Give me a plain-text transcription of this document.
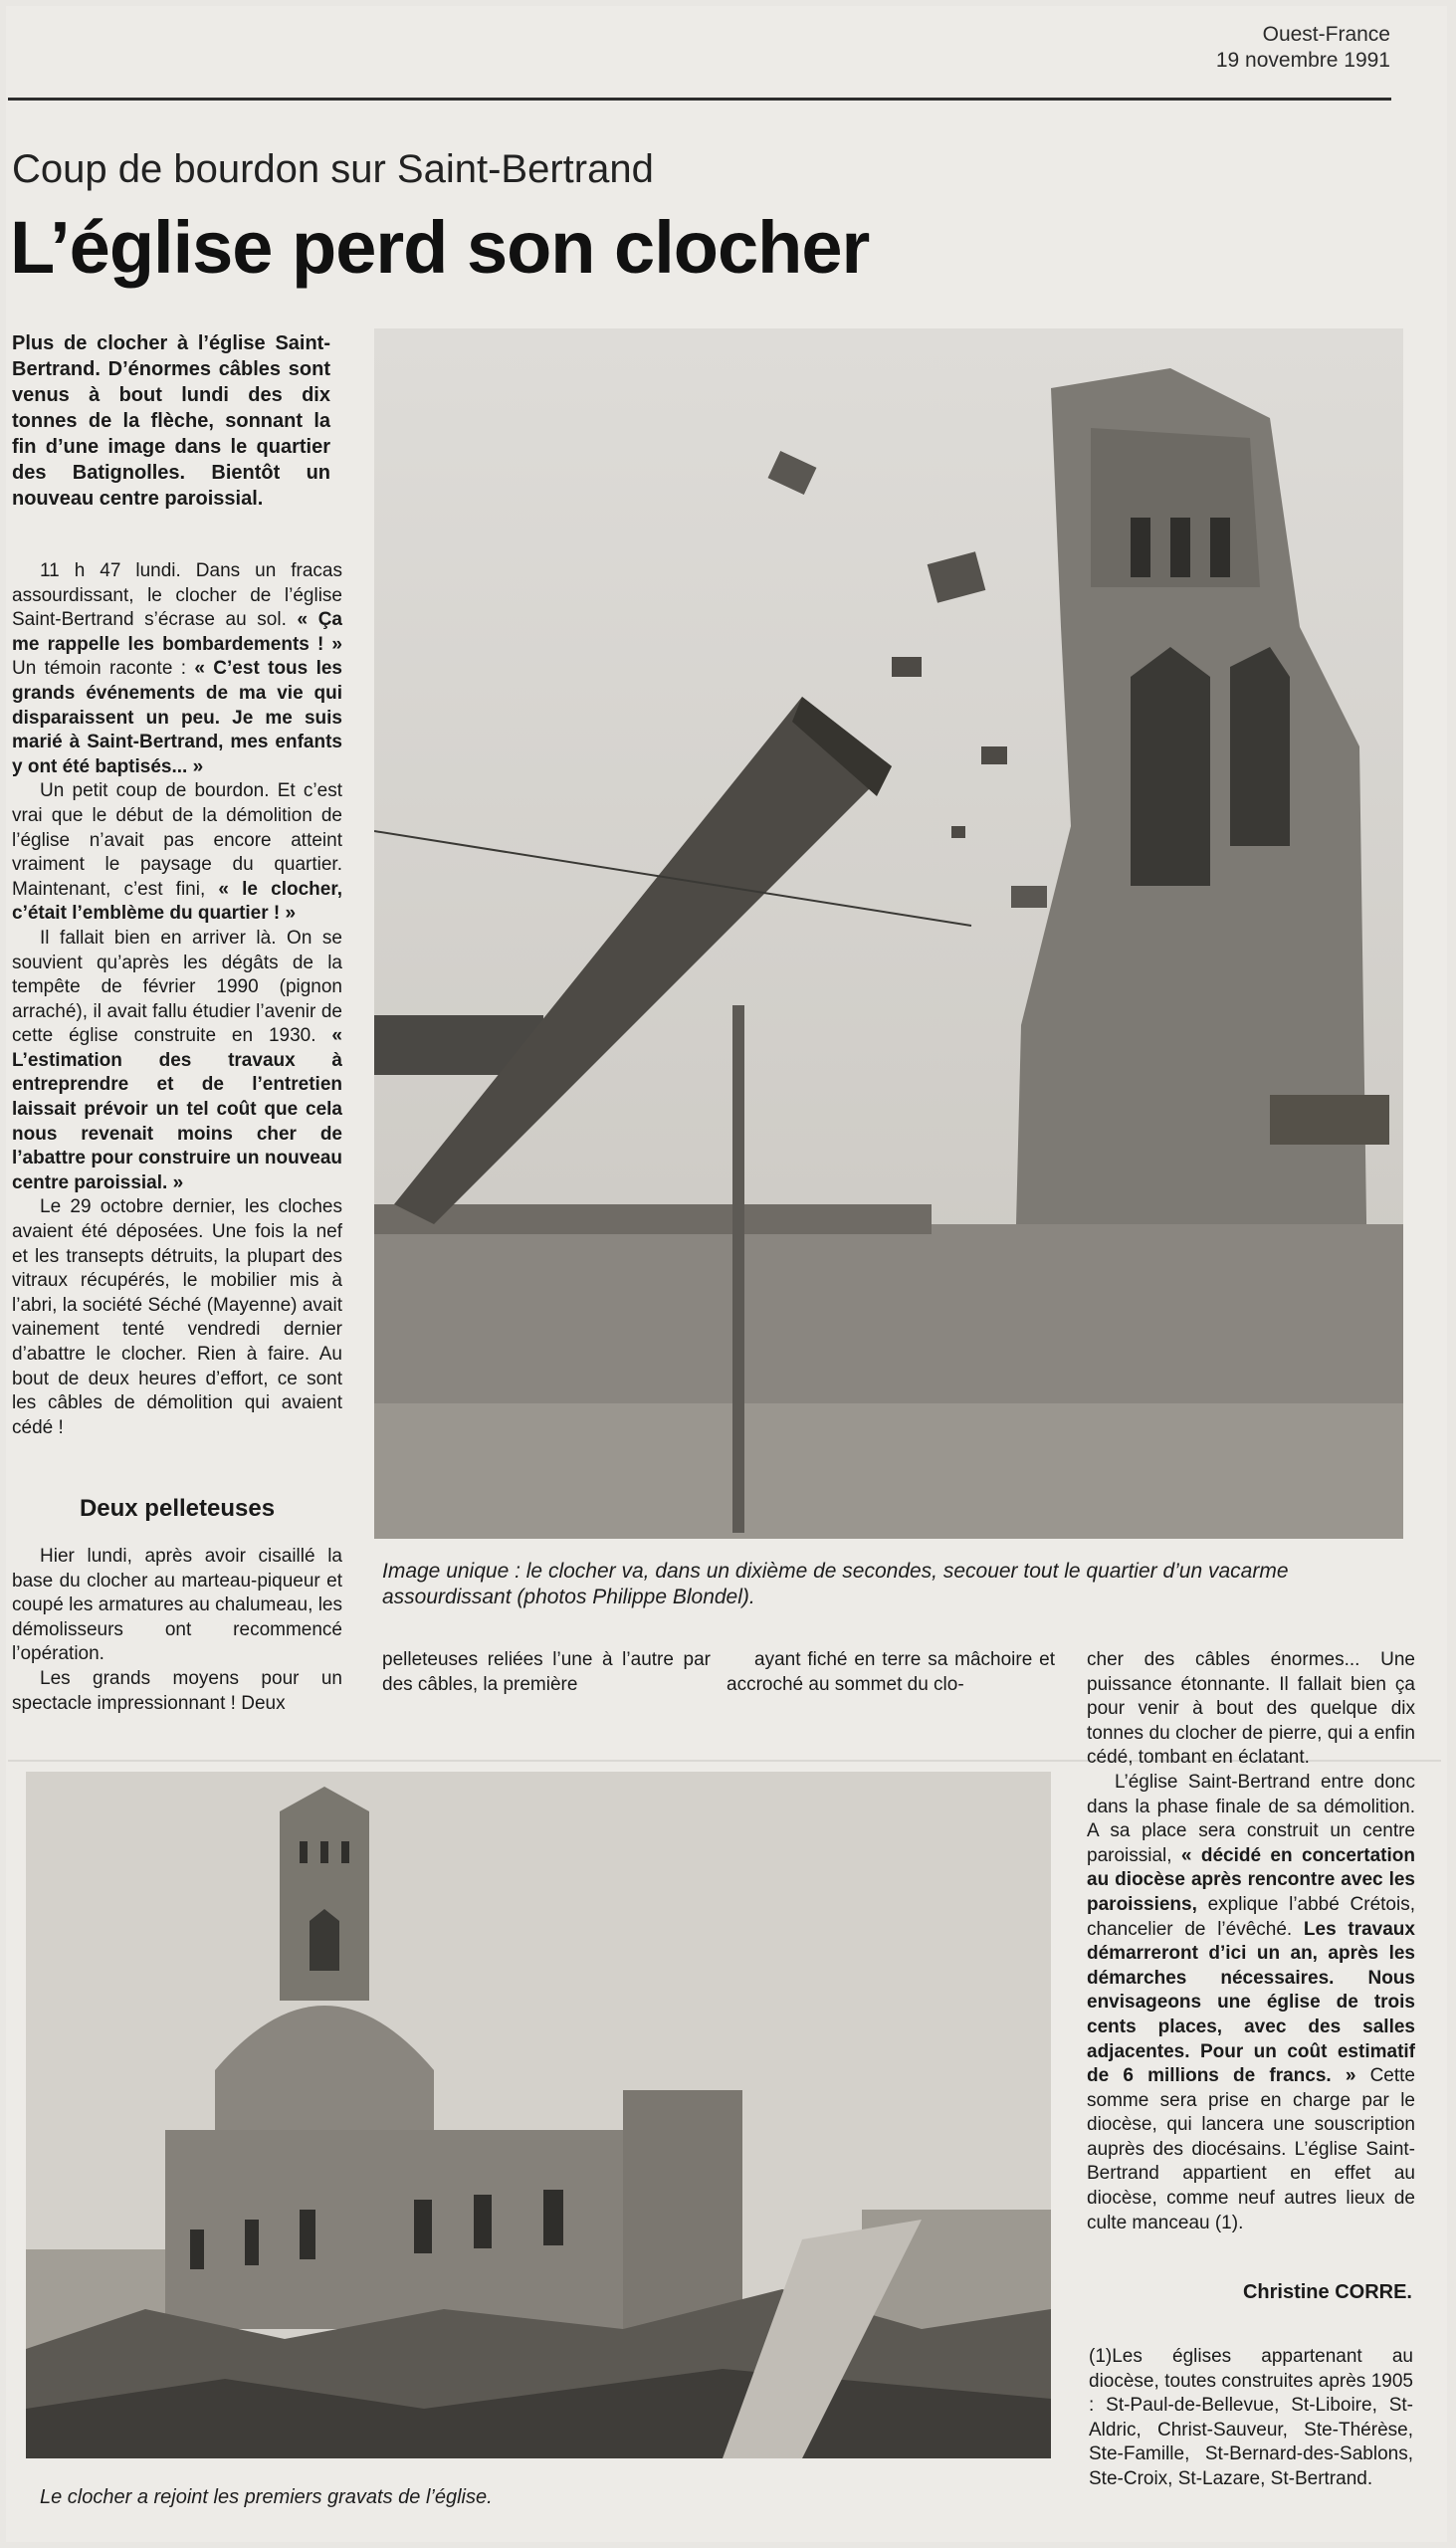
Ouest-France
19 novembre 1991
Coup de bourdon sur Saint-Bertrand
L’église perd son clocher
Plus de clocher à l’église Saint-Bertrand. D’énormes câbles sont venus à bout lundi des dix tonnes de la flèche, sonnant la fin d’une image dans le quartier des Batignolles. Bientôt un nouveau centre paroissial.

11 h 47 lundi. Dans un fracas assourdissant, le clocher de l’église Saint-Bertrand s’écrase au sol. « Ça me rappelle les bombardements ! » Un témoin raconte : « C’est tous les grands événements de ma vie qui disparaissent un peu. Je me suis marié à Saint-Bertrand, mes enfants y ont été baptisés... »

Un petit coup de bourdon. Et c’est vrai que le début de la démolition de l’église n’avait pas encore atteint vraiment le paysage du quartier. Maintenant, c’est fini, « le clocher, c’était l’emblème du quartier ! »

Il fallait bien en arriver là. On se souvient qu’après les dégâts de la tempête de février 1990 (pignon arraché), il avait fallu étudier l’avenir de cette église construite en 1930. « L’estimation des travaux à entreprendre et de l’entretien laissait prévoir un tel coût que cela nous revenait moins cher de l’abattre pour construire un nouveau centre paroissial. »

Le 29 octobre dernier, les cloches avaient été déposées. Une fois la nef et les transepts détruits, la plupart des vitraux récupérés, le mobilier mis à l’abri, la société Séché (Mayenne) avait vainement tenté vendredi dernier d’abattre le clocher. Rien à faire. Au bout de deux heures d’effort, ce sont les câbles de démolition qui avaient cédé !

Deux pelleteuses

Hier lundi, après avoir cisaillé la base du clocher au marteau-piqueur et coupé les armatures au chalumeau, les démolisseurs ont recommencé l’opération.

Les grands moyens pour un spectacle impressionnant ! Deux

Image unique : le clocher va, dans un dixième de secondes, secouer tout le quartier d’un vacarme assourdissant (photos Philippe Blondel).

pelleteuses reliées l’une à l’autre par des câbles, la première

ayant fiché en terre sa mâchoire et accroché au sommet du clo-

Le clocher a rejoint les premiers gravats de l’église.

cher des câbles énormes... Une puissance étonnante. Il fallait bien ça pour venir à bout des quelque dix tonnes du clocher de pierre, qui a enfin cédé, tombant en éclatant.

L’église Saint-Bertrand entre donc dans la phase finale de sa démolition. A sa place sera construit un centre paroissial, « décidé en concertation au diocèse après rencontre avec les paroissiens, explique l’abbé Crétois, chancelier de l’évêché. Les travaux démarreront d’ici un an, après les démarches nécessaires. Nous envisageons une église de trois cents places, avec des salles adjacentes. Pour un coût estimatif de 6 millions de francs. » Cette somme sera prise en charge par le diocèse, qui lancera une souscription auprès des diocésains. L’église Saint-Bertrand appartient en effet au diocèse, comme neuf autres lieux de culte manceau (1).

Christine CORRE.
(1)Les églises appartenant au diocèse, toutes construites après 1905 : St-Paul-de-Bellevue, St-Liboire, St-Aldric, Christ-Sauveur, Ste-Thérèse, Ste-Famille, St-Bernard-des-Sablons, Ste-Croix, St-Lazare, St-Bertrand.
